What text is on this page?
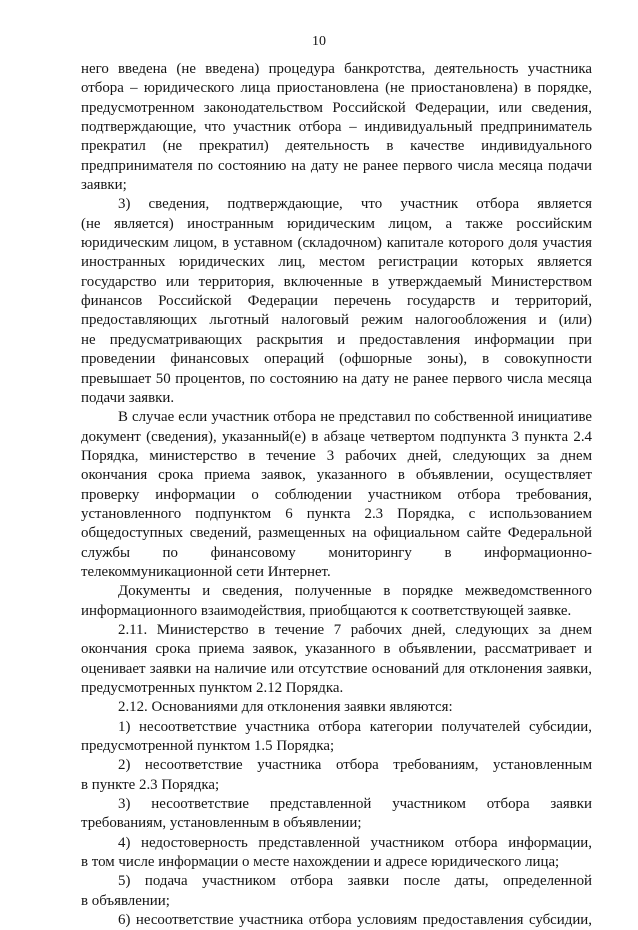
10
него введена (не введена) процедура банкротства, деятельность участника
отбора – юридического лица приостановлена (не приостановлена) в порядке,
предусмотренном законодательством Российской Федерации, или сведения,
подтверждающие, что участник отбора – индивидуальный предприниматель
прекратил (не прекратил) деятельность в качестве индивидуального
предпринимателя по состоянию на дату не ранее первого числа месяца подачи
заявки;
3) сведения, подтверждающие, что участник отбора является
(не является) иностранным юридическим лицом, а также российским
юридическим лицом, в уставном (складочном) капитале которого доля участия
иностранных юридических лиц, местом регистрации которых является
государство или территория, включенные в утверждаемый Министерством
финансов Российской Федерации перечень государств и территорий,
предоставляющих льготный налоговый режим налогообложения и (или)
не предусматривающих раскрытия и предоставления информации при
проведении финансовых операций (офшорные зоны), в совокупности
превышает 50 процентов, по состоянию на дату не ранее первого числа месяца
подачи заявки.
В случае если участник отбора не представил по собственной инициативе
документ (сведения), указанный(е) в абзаце четвертом подпункта 3 пункта 2.4
Порядка, министерство в течение 3 рабочих дней, следующих за днем
окончания срока приема заявок, указанного в объявлении, осуществляет
проверку информации о соблюдении участником отбора требования,
установленного подпунктом 6 пункта 2.3 Порядка, с использованием
общедоступных сведений, размещенных на официальном сайте Федеральной
службы по финансовому мониторингу в информационно-
телекоммуникационной сети Интернет.
Документы и сведения, полученные в порядке межведомственного
информационного взаимодействия, приобщаются к соответствующей заявке.
2.11. Министерство в течение 7 рабочих дней, следующих за днем
окончания срока приема заявок, указанного в объявлении, рассматривает и
оценивает заявки на наличие или отсутствие оснований для отклонения заявки,
предусмотренных пунктом 2.12 Порядка.
2.12. Основаниями для отклонения заявки являются:
1) несоответствие участника отбора категории получателей субсидии,
предусмотренной пунктом 1.5 Порядка;
2) несоответствие участника отбора требованиям, установленным
в пункте 2.3 Порядка;
3) несоответствие представленной участником отбора заявки
требованиям, установленным в объявлении;
4) недостоверность представленной участником отбора информации,
в том числе информации о месте нахождении и адресе юридического лица;
5) подача участником отбора заявки после даты, определенной
в объявлении;
6) несоответствие участника отбора условиям предоставления субсидии,
